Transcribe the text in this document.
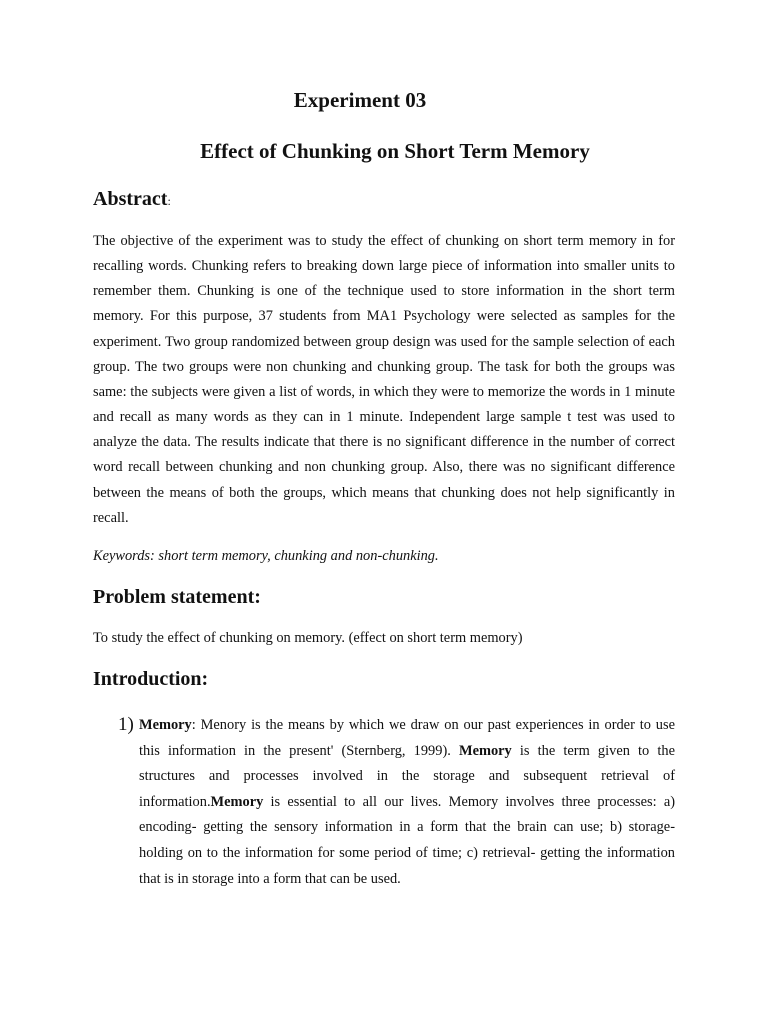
Experiment 03
Effect of Chunking on Short Term Memory
Abstract:

The objective of the experiment was to study the effect of chunking on short term memory in for recalling words. Chunking refers to breaking down large piece of information into smaller units to remember them. Chunking is one of the technique used to store information in the short term memory. For this purpose, 37 students from MA1 Psychology were selected as samples for the experiment. Two group randomized between group design was used for the sample selection of each group. The two groups were non chunking and chunking group. The task for both the groups was same: the subjects were given a list of words, in which they were to memorize the words in 1 minute and recall as many words as they can in 1 minute. Independent large sample t test was used to analyze the data. The results indicate that there is no significant difference in the number of correct word recall between chunking and non chunking group. Also, there was no significant difference between the means of both the groups, which means that chunking does not help significantly in recall.

Keywords: short term memory, chunking and non-chunking.

Problem statement:

To study the effect of chunking on memory. (effect on short term memory)

Introduction:
1) Memory: Menory is the means by which we draw on our past experiences in order to use this information in the present' (Sternberg, 1999). Memory is the term given to the structures and processes involved in the storage and subsequent retrieval of information.Memory is essential to all our lives. Memory involves three processes: a) encoding- getting the sensory information in a form that the brain can use; b) storage-holding on to the information for some period of time; c) retrieval- getting the information that is in storage into a form that can be used.
